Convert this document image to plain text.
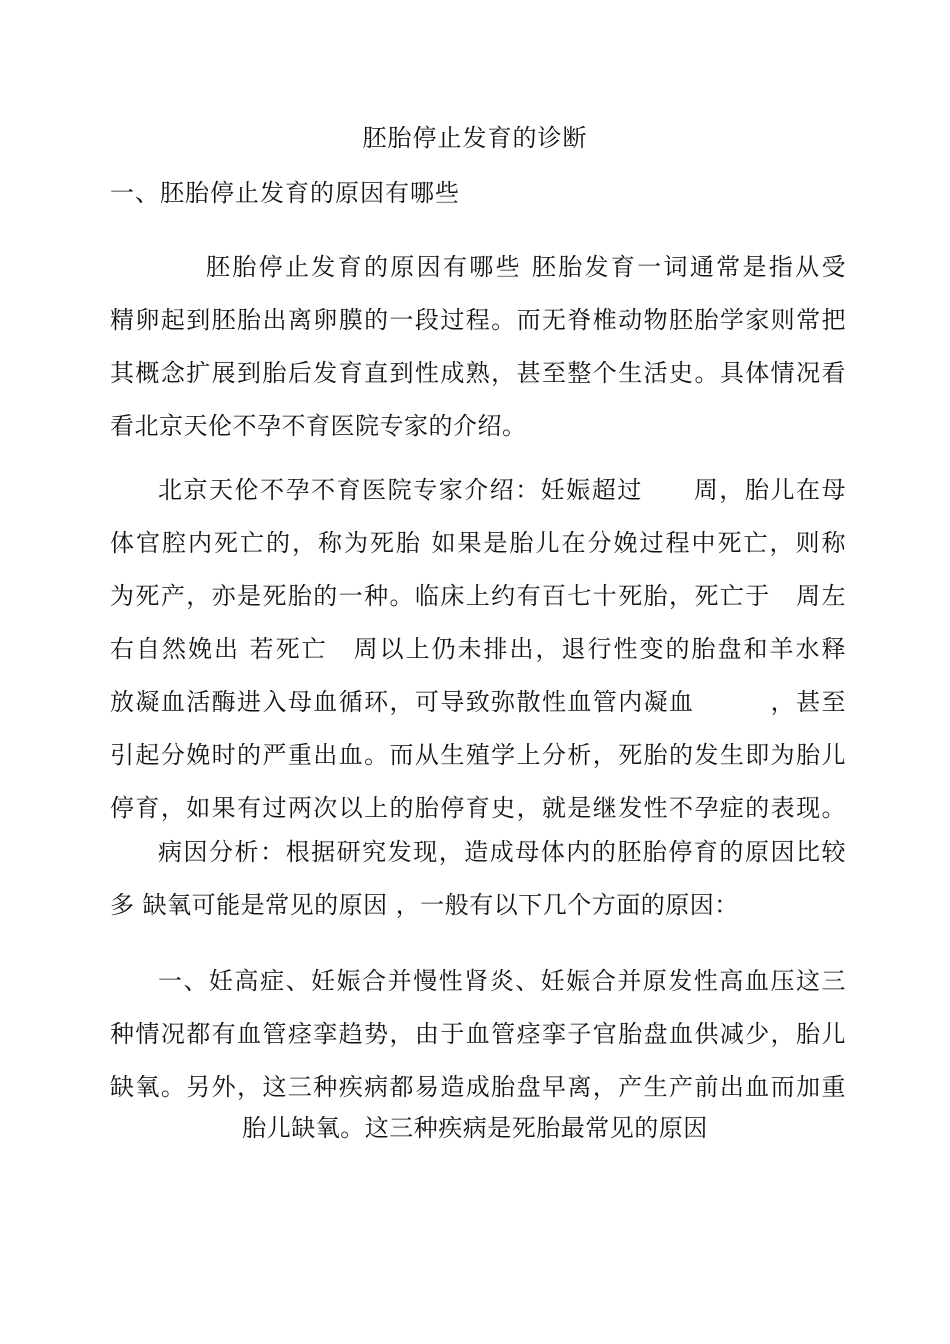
胚胎停止发育的诊断
一、胚胎停止发育的原因有哪些
胚胎停止发育的原因有哪些 胚胎发育一词通常是指从受
精卵起到胚胎出离卵膜的一段过程。而无脊椎动物胚胎学家则常把
其概念扩展到胎后发育直到性成熟，甚至整个生活史。具体情况看
看北京天伦不孕不育医院专家的介绍。
北京天伦不孕不育医院专家介绍：妊娠超过　　周，胎儿在母
体官腔内死亡的，称为死胎 如果是胎儿在分娩过程中死亡，则称
为死产，亦是死胎的一种。临床上约有百七十死胎，死亡于　周左
右自然娩出 若死亡　周以上仍未排出，退行性变的胎盘和羊水释
放凝血活酶进入母血循环，可导致弥散性血管内凝血　　　，甚至
引起分娩时的严重出血。而从生殖学上分析，死胎的发生即为胎儿
停育，如果有过两次以上的胎停育史，就是继发性不孕症的表现。
病因分析：根据研究发现，造成母体内的胚胎停育的原因比较
多 缺氧可能是常见的原因 ，一般有以下几个方面的原因：
一、妊高症、妊娠合并慢性肾炎、妊娠合并原发性高血压这三
种情况都有血管痉挛趋势，由于血管痉挛子官胎盘血供减少，胎儿
缺氧。另外，这三种疾病都易造成胎盘早离，产生产前出血而加重
胎儿缺氧。这三种疾病是死胎最常见的原因
